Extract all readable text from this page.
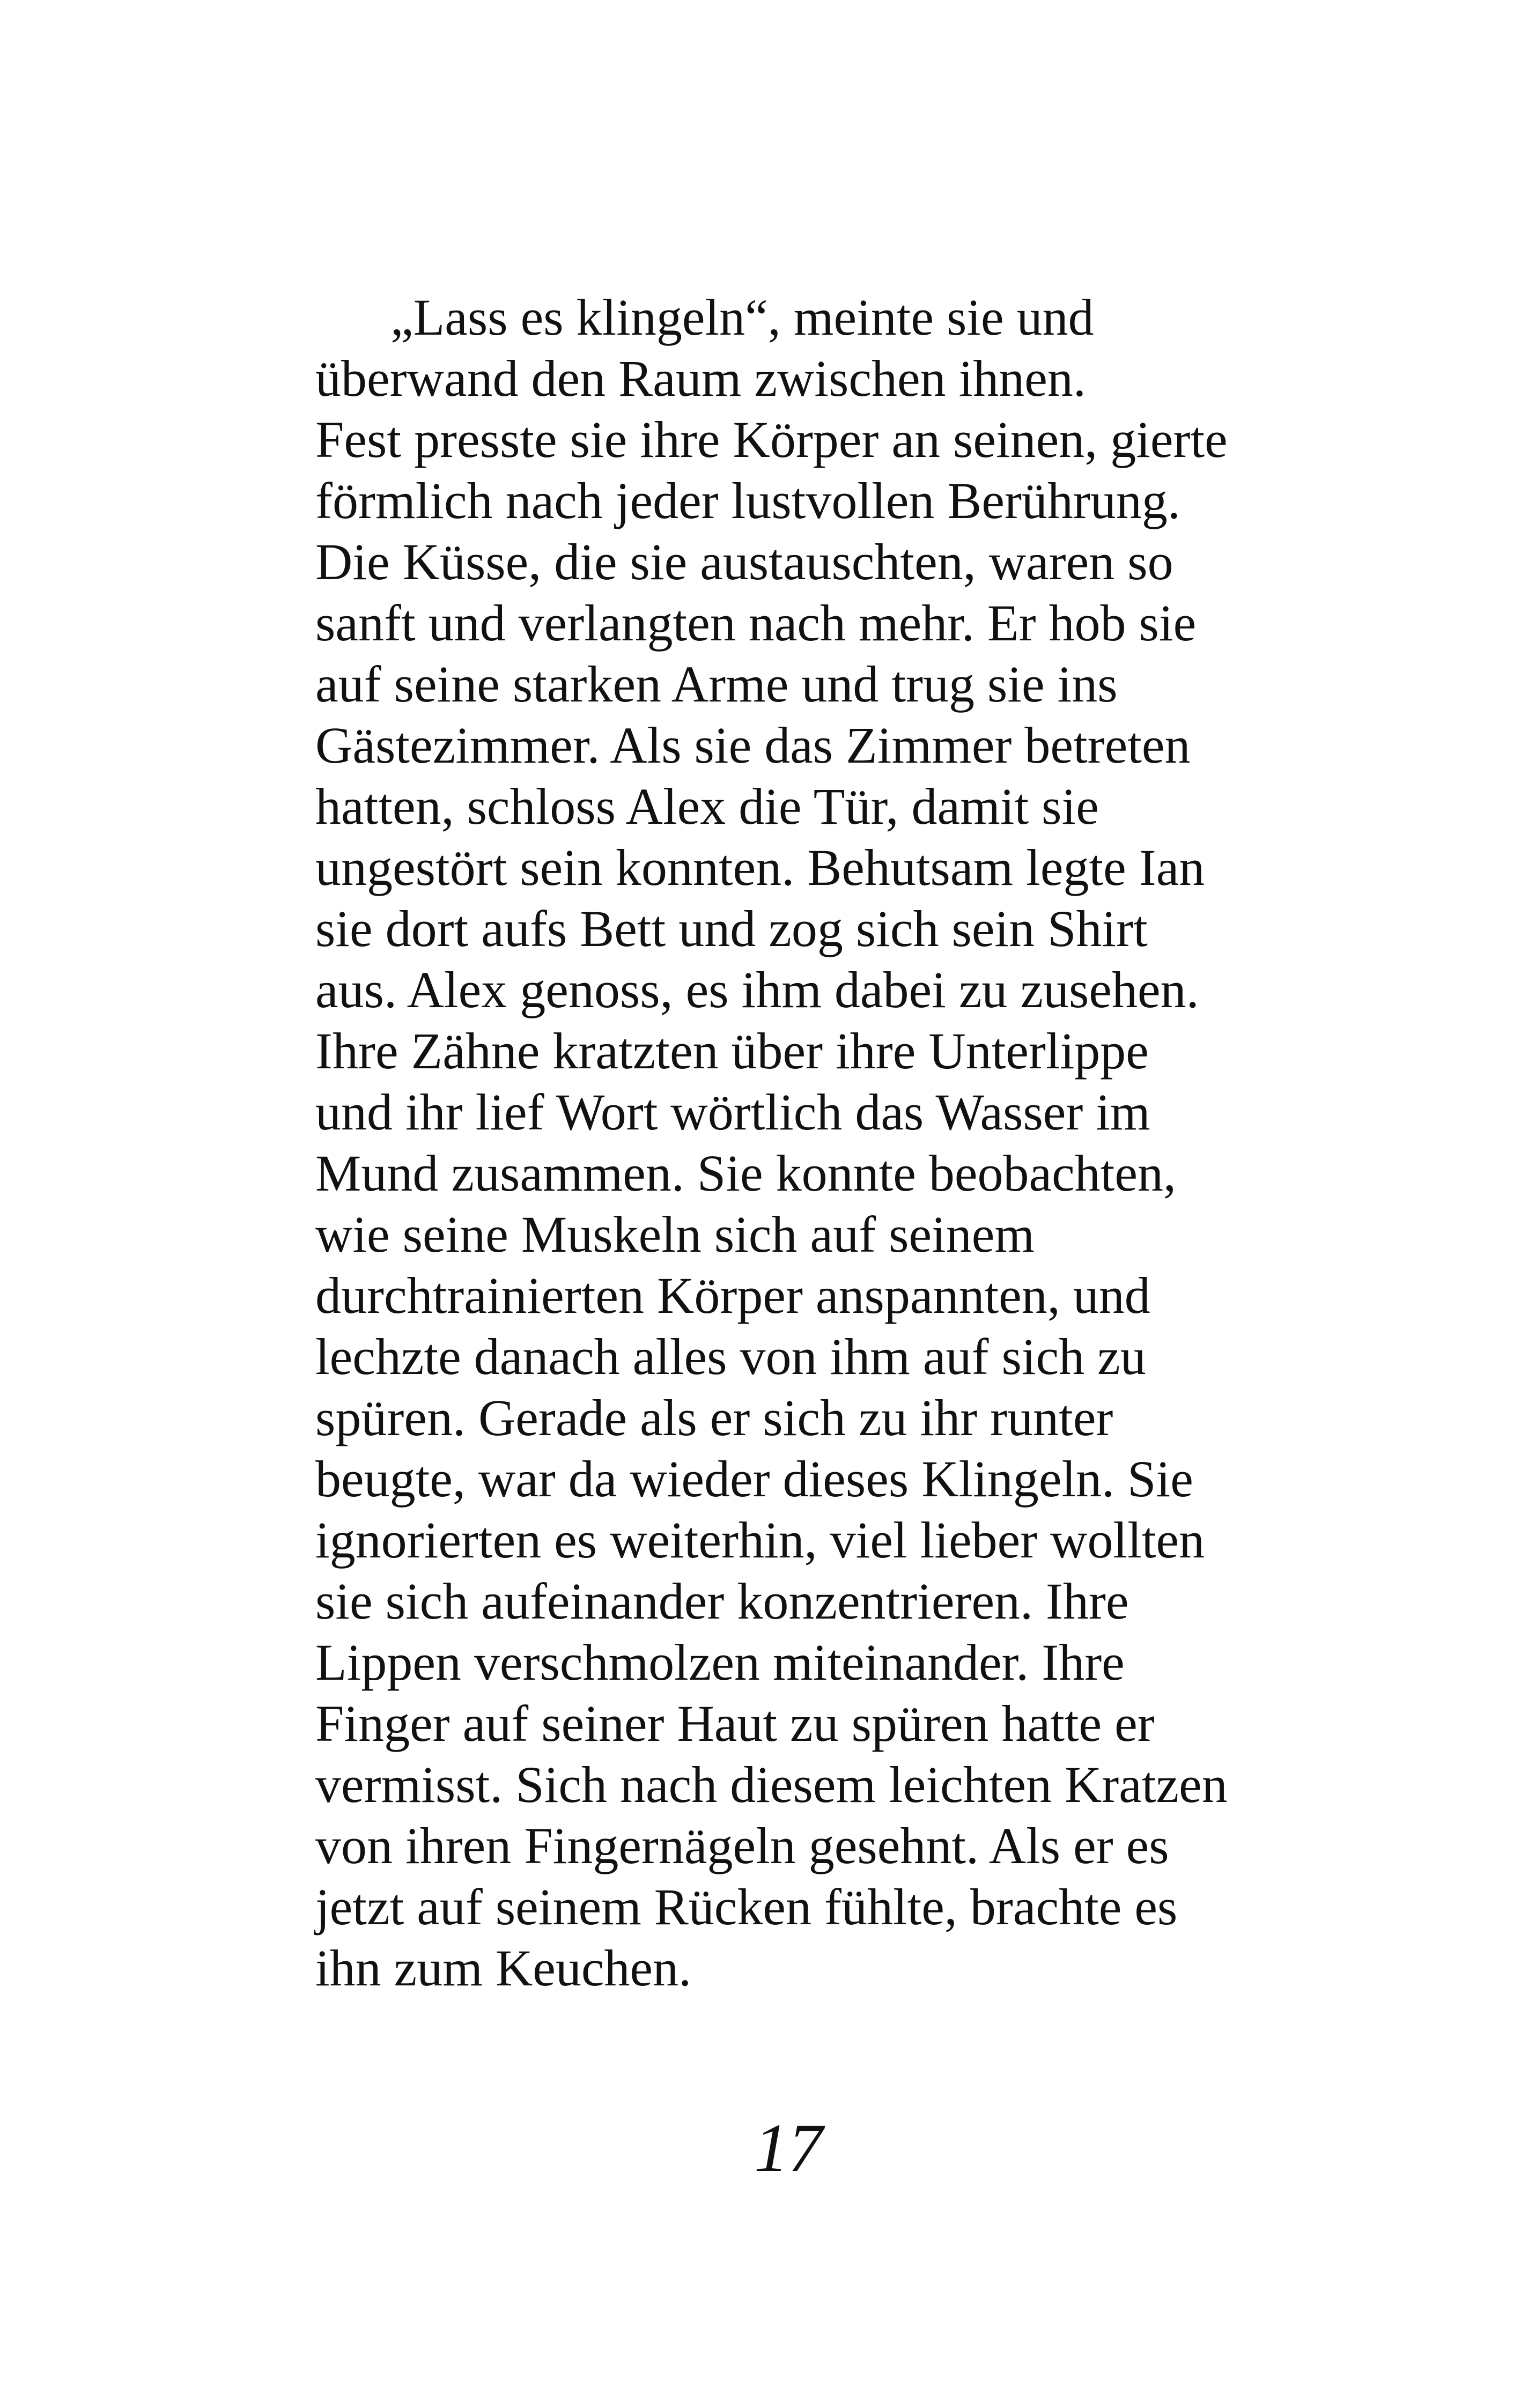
„Lass es klingeln“, meinte sie und
überwand den Raum zwischen ihnen.
Fest presste sie ihre Körper an seinen, gierte
förmlich nach jeder lustvollen Berührung.
Die Küsse, die sie austauschten, waren so
sanft und verlangten nach mehr. Er hob sie
auf seine starken Arme und trug sie ins
Gästezimmer. Als sie das Zimmer betreten
hatten, schloss Alex die Tür, damit sie
ungestört sein konnten. Behutsam legte Ian
sie dort aufs Bett und zog sich sein Shirt
aus. Alex genoss, es ihm dabei zu zusehen.
Ihre Zähne kratzten über ihre Unterlippe
und ihr lief Wort wörtlich das Wasser im
Mund zusammen. Sie konnte beobachten,
wie seine Muskeln sich auf seinem
durchtrainierten Körper anspannten, und
lechzte danach alles von ihm auf sich zu
spüren. Gerade als er sich zu ihr runter
beugte, war da wieder dieses Klingeln. Sie
ignorierten es weiterhin, viel lieber wollten
sie sich aufeinander konzentrieren. Ihre
Lippen verschmolzen miteinander. Ihre
Finger auf seiner Haut zu spüren hatte er
vermisst. Sich nach diesem leichten Kratzen
von ihren Fingernägeln gesehnt. Als er es
jetzt auf seinem Rücken fühlte, brachte es
ihn zum Keuchen.
17
